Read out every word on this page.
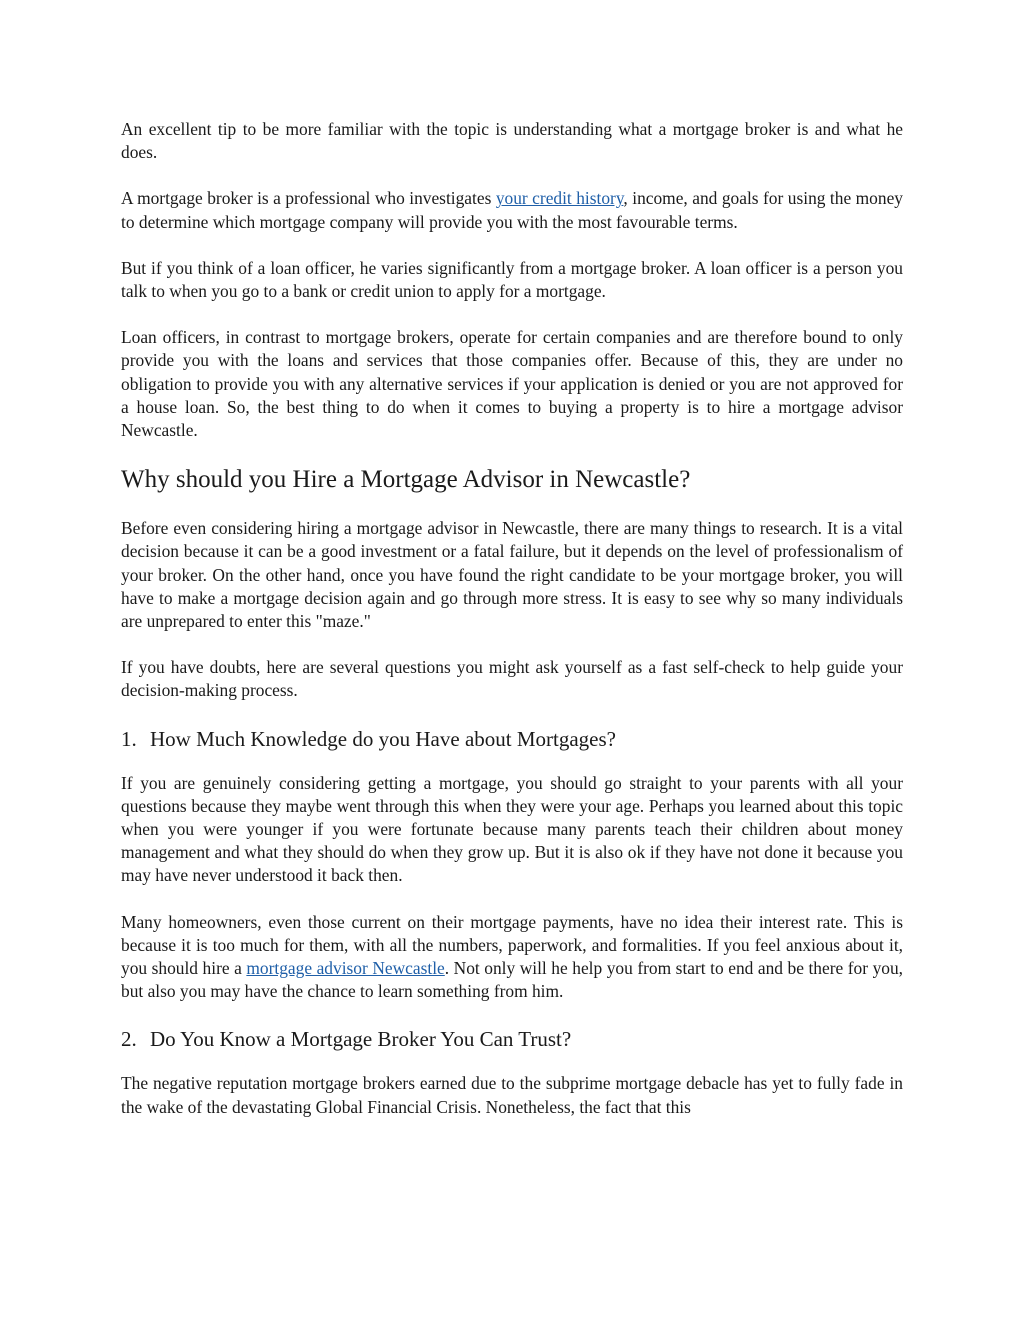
An excellent tip to be more familiar with the topic is understanding what a mortgage broker is and what he does.

A mortgage broker is a professional who investigates your credit history, income, and goals for using the money to determine which mortgage company will provide you with the most favourable terms.

But if you think of a loan officer, he varies significantly from a mortgage broker. A loan officer is a person you talk to when you go to a bank or credit union to apply for a mortgage.

Loan officers, in contrast to mortgage brokers, operate for certain companies and are therefore bound to only provide you with the loans and services that those companies offer. Because of this, they are under no obligation to provide you with any alternative services if your application is denied or you are not approved for a house loan. So, the best thing to do when it comes to buying a property is to hire a mortgage advisor Newcastle.

Why should you Hire a Mortgage Advisor in Newcastle?

Before even considering hiring a mortgage advisor in Newcastle, there are many things to research. It is a vital decision because it can be a good investment or a fatal failure, but it depends on the level of professionalism of your broker. On the other hand, once you have found the right candidate to be your mortgage broker, you will have to make a mortgage decision again and go through more stress. It is easy to see why so many individuals are unprepared to enter this "maze."

If you have doubts, here are several questions you might ask yourself as a fast self-check to help guide your decision-making process.

1. How Much Knowledge do you Have about Mortgages?

If you are genuinely considering getting a mortgage, you should go straight to your parents with all your questions because they maybe went through this when they were your age. Perhaps you learned about this topic when you were younger if you were fortunate because many parents teach their children about money management and what they should do when they grow up. But it is also ok if they have not done it because you may have never understood it back then.

Many homeowners, even those current on their mortgage payments, have no idea their interest rate. This is because it is too much for them, with all the numbers, paperwork, and formalities. If you feel anxious about it, you should hire a mortgage advisor Newcastle. Not only will he help you from start to end and be there for you, but also you may have the chance to learn something from him.

2. Do You Know a Mortgage Broker You Can Trust?

The negative reputation mortgage brokers earned due to the subprime mortgage debacle has yet to fully fade in the wake of the devastating Global Financial Crisis. Nonetheless, the fact that this
